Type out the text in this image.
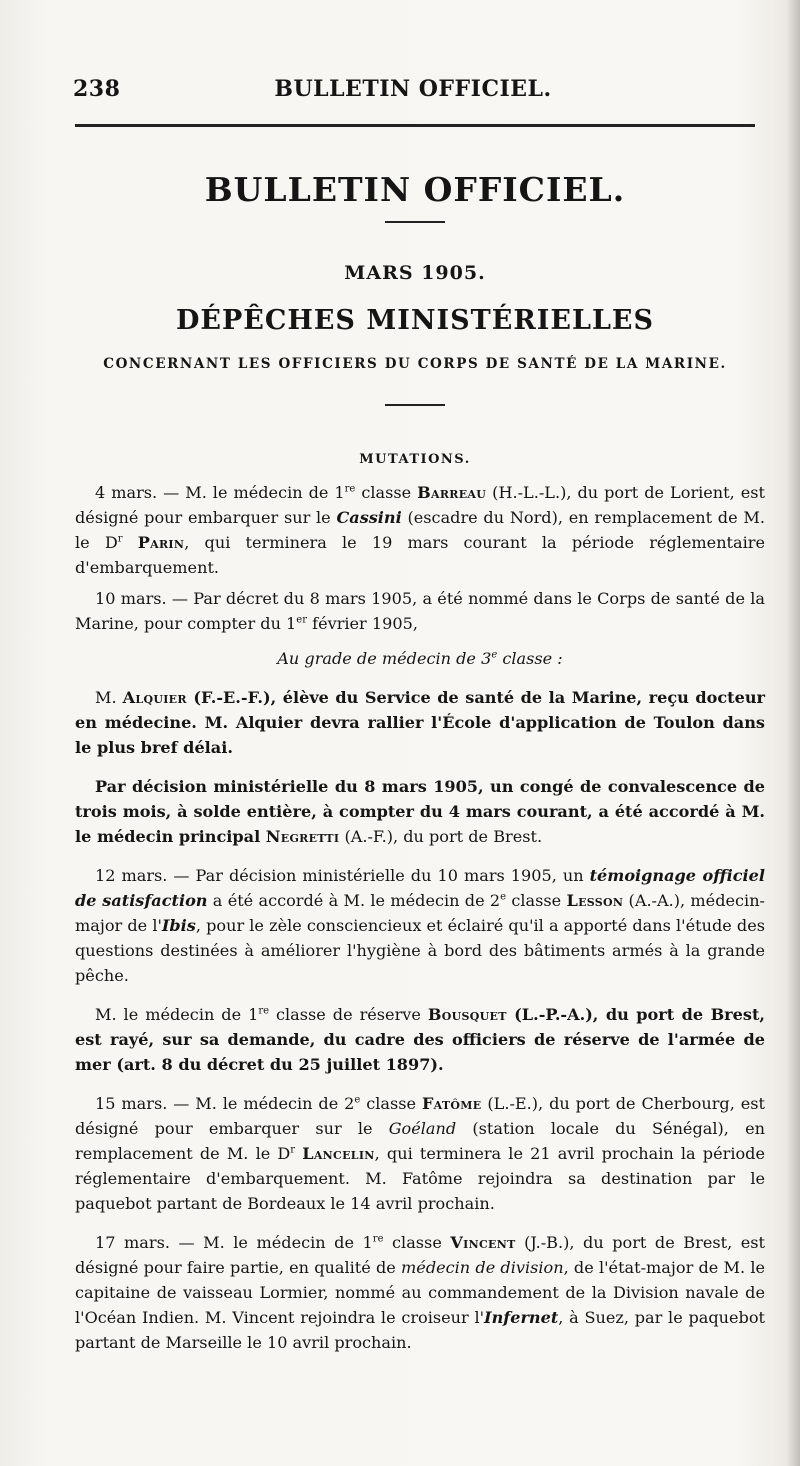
238	BULLETIN OFFICIEL.
BULLETIN OFFICIEL.
MARS 1905.
DÉPÊCHES MINISTÉRIELLES
CONCERNANT LES OFFICIERS DU CORPS DE SANTÉ DE LA MARINE.
MUTATIONS.

4 mars. — M. le médecin de 1re classe Barreau (H.-L.-L.), du port de Lorient, est désigné pour embarquer sur le Cassini (escadre du Nord), en remplacement de M. le $D^r$ Parin, qui terminera le 19 mars courant la période réglementaire d'embarquement.

10 mars. — Par décret du 8 mars 1905, a été nommé dans le Corps de santé de la Marine, pour compter du 1er février 1905,

Au grade de médecin de 3e classe :

M. Alquier (F.-E.-F.), élève du Service de santé de la Marine, reçu docteur en médecine. M. Alquier devra rallier l'École d'application de Toulon dans le plus bref délai.

Par décision ministérielle du 8 mars 1905, un congé de convalescence de trois mois, à solde entière, à compter du 4 mars courant, a été accordé à M. le médecin principal Negretti (A.-F.), du port de Brest.

12 mars. — Par décision ministérielle du 10 mars 1905, un témoignage officiel de satisfaction a été accordé à M. le médecin de 2e classe Lesson (A.-A.), médecin-major de l'Ibis, pour le zèle consciencieux et éclairé qu'il a apporté dans l'étude des questions destinées à améliorer l'hygiène à bord des bâtiments armés à la grande pêche.

M. le médecin de 1re classe de réserve Bousquet (L.-P.-A.), du port de Brest, est rayé, sur sa demande, du cadre des officiers de réserve de l'armée de mer (art. 8 du décret du 25 juillet 1897).

15 mars. — M. le médecin de 2e classe Fatôme (L.-E.), du port de Cherbourg, est désigné pour embarquer sur le Goéland (station locale du Sénégal), en remplacement de M. le $D^r$ Lancelin, qui terminera le 21 avril prochain la période réglementaire d'embarquement. M. Fatôme rejoindra sa destination par le paquebot partant de Bordeaux le 14 avril prochain.

17 mars. — M. le médecin de 1re classe Vincent (J.-B.), du port de Brest, est désigné pour faire partie, en qualité de médecin de division, de l'état-major de M. le capitaine de vaisseau Lormier, nommé au commandement de la Division navale de l'Océan Indien. M. Vincent rejoindra le croiseur l'Infernet, à Suez, par le paquebot partant de Marseille le 10 avril prochain.
